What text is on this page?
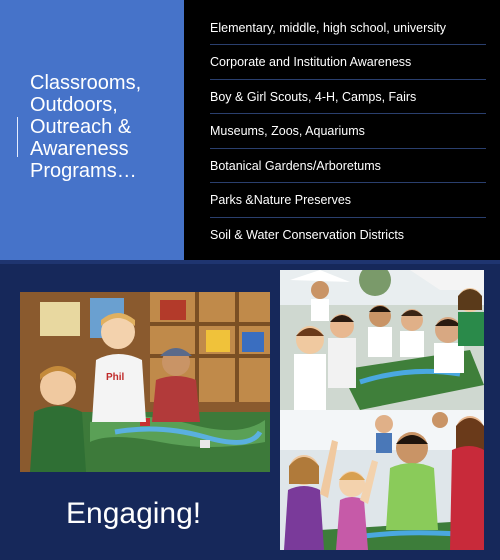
Classrooms,
Outdoors,
Outreach &
Awareness
Programs…
Elementary, middle, high school, university
Corporate and Institution Awareness
Boy & Girl Scouts, 4-H, Camps, Fairs
Museums, Zoos, Aquariums
Botanical Gardens/Arboretums
Parks &Nature Preserves
Soil & Water Conservation Districts
Phil
Engaging!
